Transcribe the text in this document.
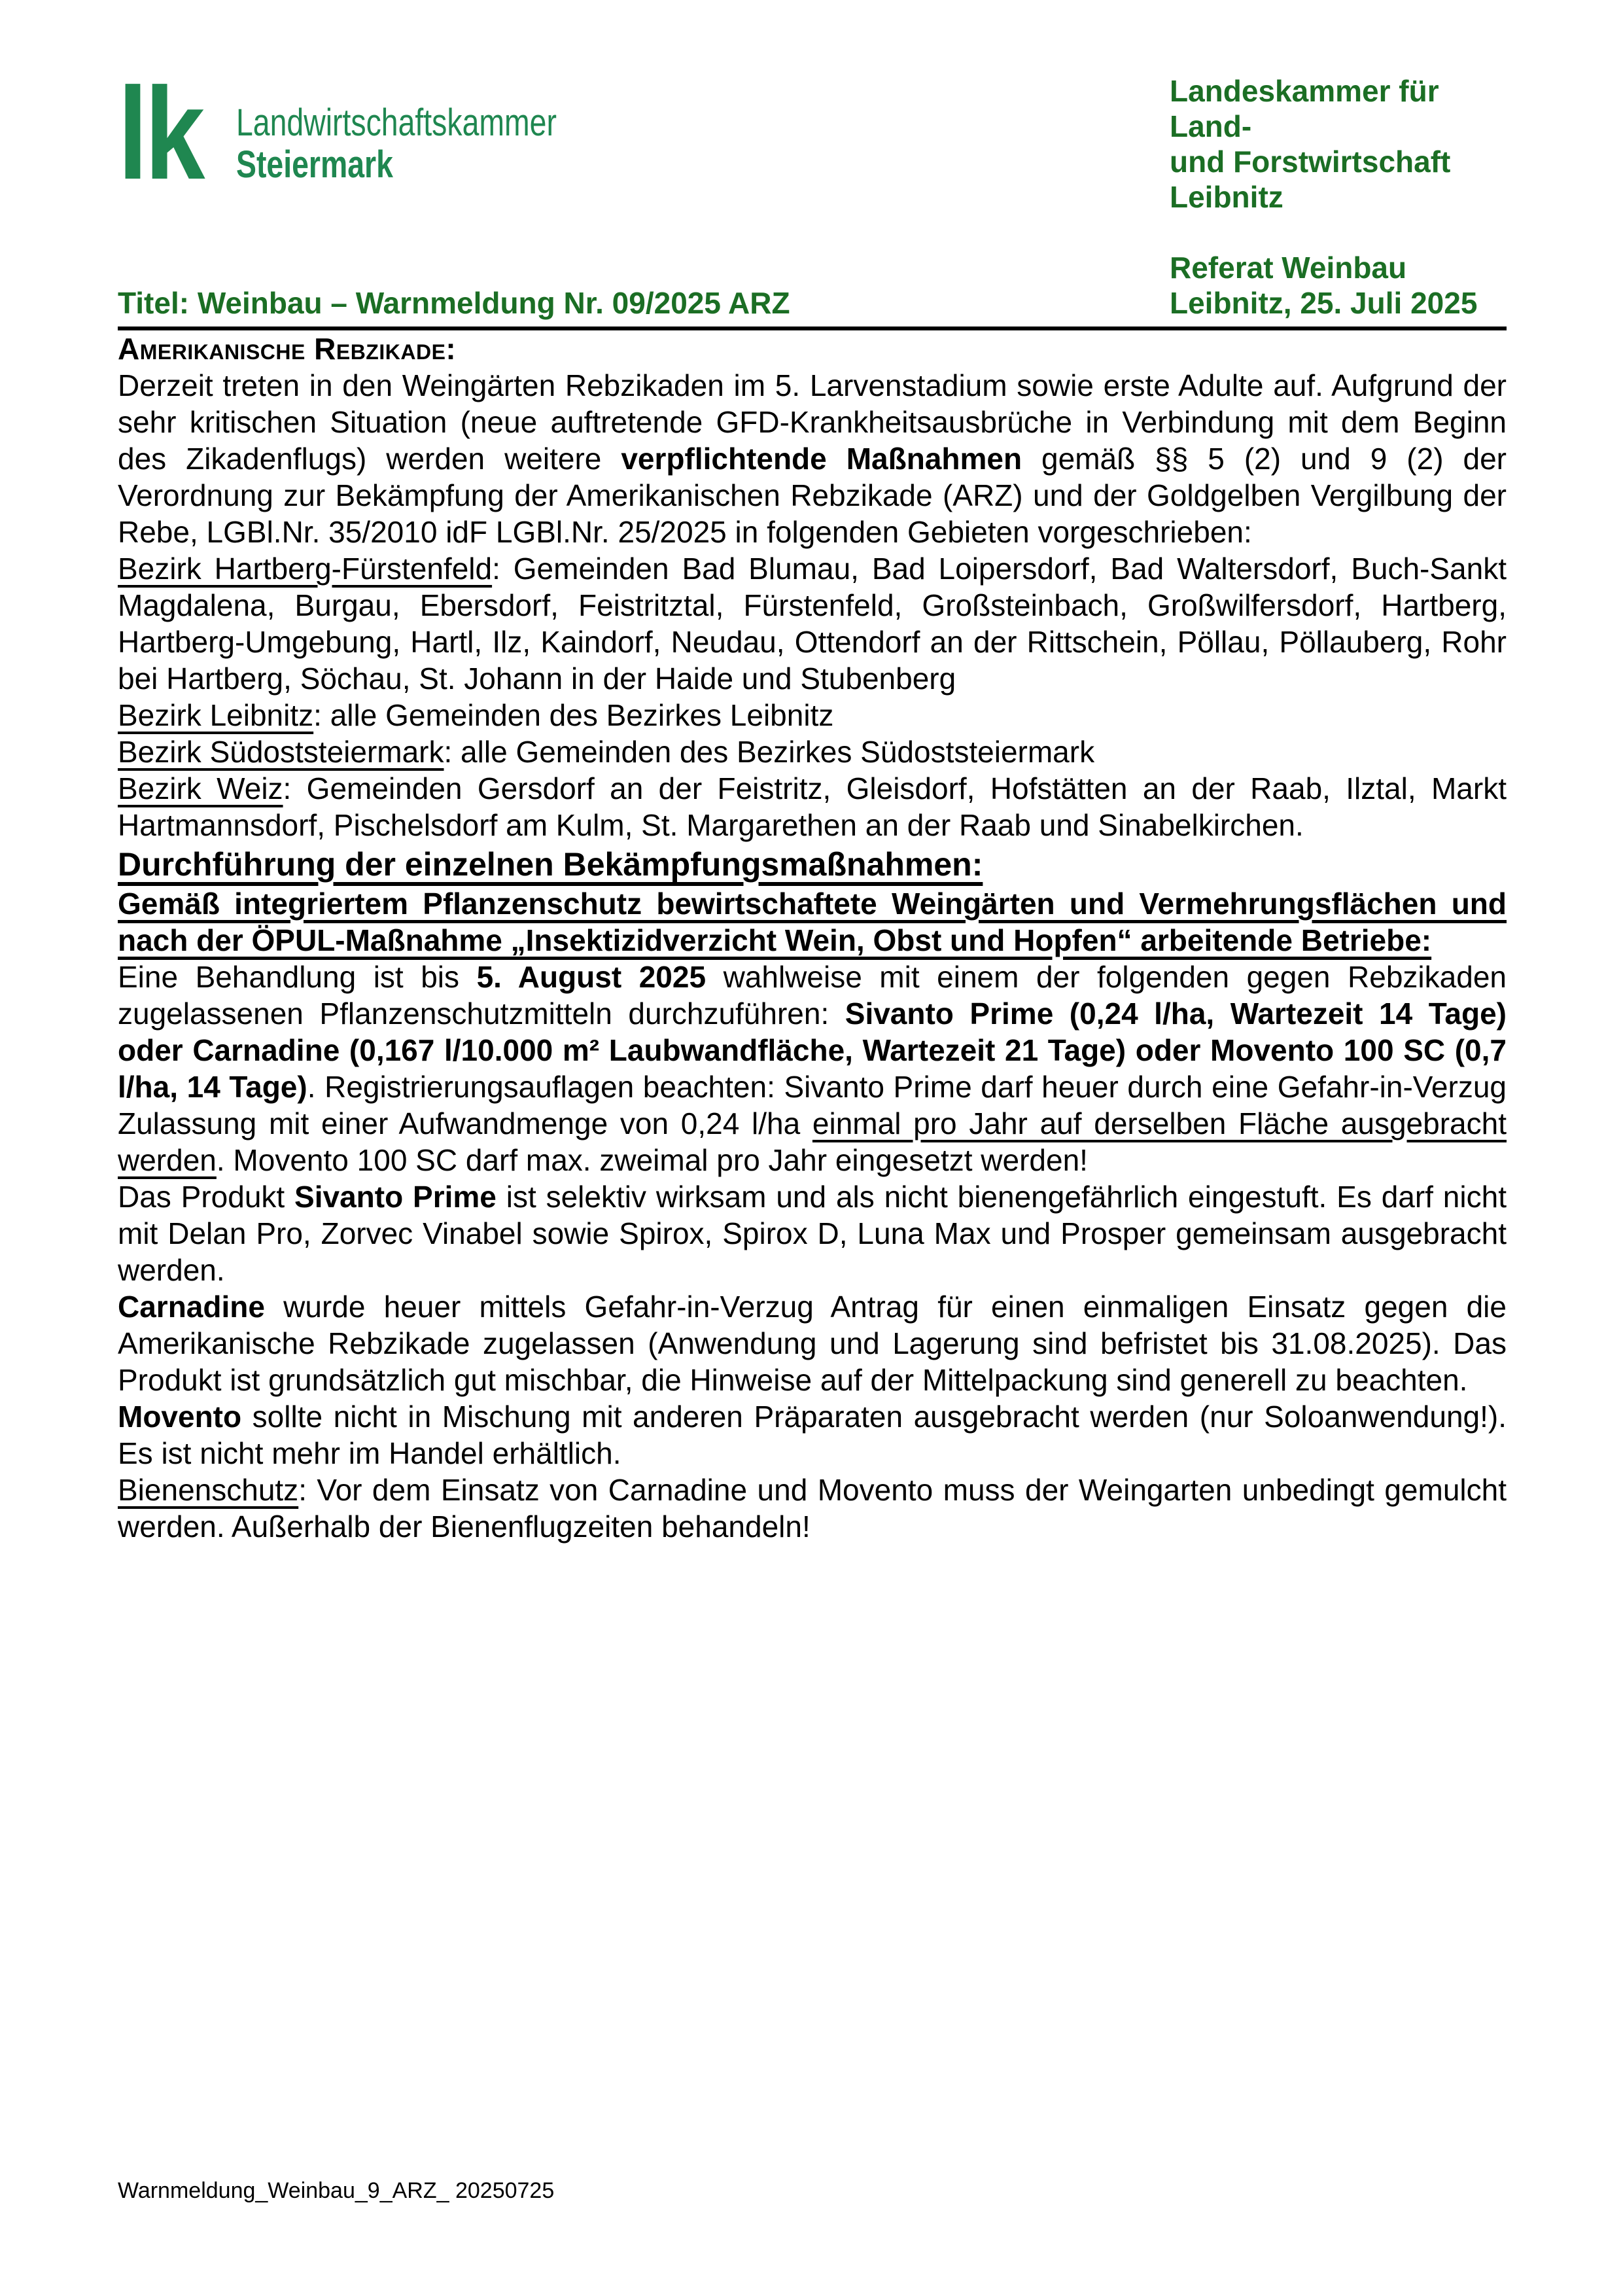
lk Landwirtschaftskammer
Steiermark
Landeskammer für
Land-
und Forstwirtschaft
Leibnitz
Referat Weinbau
Titel: Weinbau – Warnmeldung Nr. 09/2025 ARZ	Leibnitz, 25. Juli 2025
Amerikanische Rebzikade:

Derzeit treten in den Weingärten Rebzikaden im 5. Larvenstadium sowie erste Adulte auf. Aufgrund der sehr kritischen Situation (neue auftretende GFD-Krankheitsausbrüche in Verbindung mit dem Beginn des Zikadenflugs) werden weitere verpflichtende Maßnahmen gemäß §§ 5 (2) und 9 (2) der Verordnung zur Bekämpfung der Amerikanischen Rebzikade (ARZ) und der Goldgelben Vergilbung der Rebe, LGBl.Nr. 35/2010 idF LGBl.Nr. 25/2025 in folgenden Gebieten vorgeschrieben:

Bezirk Hartberg-Fürstenfeld: Gemeinden Bad Blumau, Bad Loipersdorf, Bad Waltersdorf, Buch-Sankt Magdalena, Burgau, Ebersdorf, Feistritztal, Fürstenfeld, Großsteinbach, Großwilfersdorf, Hartberg, Hartberg-Umgebung, Hartl, Ilz, Kaindorf, Neudau, Ottendorf an der Rittschein, Pöllau, Pöllauberg, Rohr bei Hartberg, Söchau, St. Johann in der Haide und Stubenberg

Bezirk Leibnitz: alle Gemeinden des Bezirkes Leibnitz

Bezirk Südoststeiermark: alle Gemeinden des Bezirkes Südoststeiermark

Bezirk Weiz: Gemeinden Gersdorf an der Feistritz, Gleisdorf, Hofstätten an der Raab, Ilztal, Markt Hartmannsdorf, Pischelsdorf am Kulm, St. Margarethen an der Raab und Sinabelkirchen.

Durchführung der einzelnen Bekämpfungsmaßnahmen:
Gemäß integriertem Pflanzenschutz bewirtschaftete Weingärten und Vermehrungsflächen und nach der ÖPUL-Maßnahme „Insektizidverzicht Wein, Obst und Hopfen“ arbeitende Betriebe:

Eine Behandlung ist bis 5. August 2025 wahlweise mit einem der folgenden gegen Rebzikaden zugelassenen Pflanzenschutzmitteln durchzuführen: Sivanto Prime (0,24 l/ha, Wartezeit 14 Tage) oder Carnadine (0,167 l/10.000 m² Laubwandfläche, Wartezeit 21 Tage) oder Movento 100 SC (0,7 l/ha, 14 Tage). Registrierungsauflagen beachten: Sivanto Prime darf heuer durch eine Gefahr-in-Verzug Zulassung mit einer Aufwandmenge von 0,24 l/ha einmal pro Jahr auf derselben Fläche ausgebracht werden. Movento 100 SC darf max. zweimal pro Jahr eingesetzt werden!

Das Produkt Sivanto Prime ist selektiv wirksam und als nicht bienengefährlich eingestuft. Es darf nicht mit Delan Pro, Zorvec Vinabel sowie Spirox, Spirox D, Luna Max und Prosper gemeinsam ausgebracht werden.

Carnadine wurde heuer mittels Gefahr-in-Verzug Antrag für einen einmaligen Einsatz gegen die Amerikanische Rebzikade zugelassen (Anwendung und Lagerung sind befristet bis 31.08.2025). Das Produkt ist grundsätzlich gut mischbar, die Hinweise auf der Mittelpackung sind generell zu beachten.

Movento sollte nicht in Mischung mit anderen Präparaten ausgebracht werden (nur Soloanwendung!). Es ist nicht mehr im Handel erhältlich.

Bienenschutz: Vor dem Einsatz von Carnadine und Movento muss der Weingarten unbedingt gemulcht werden. Außerhalb der Bienenflugzeiten behandeln!

Warnmeldung_Weinbau_9_ARZ_ 20250725
